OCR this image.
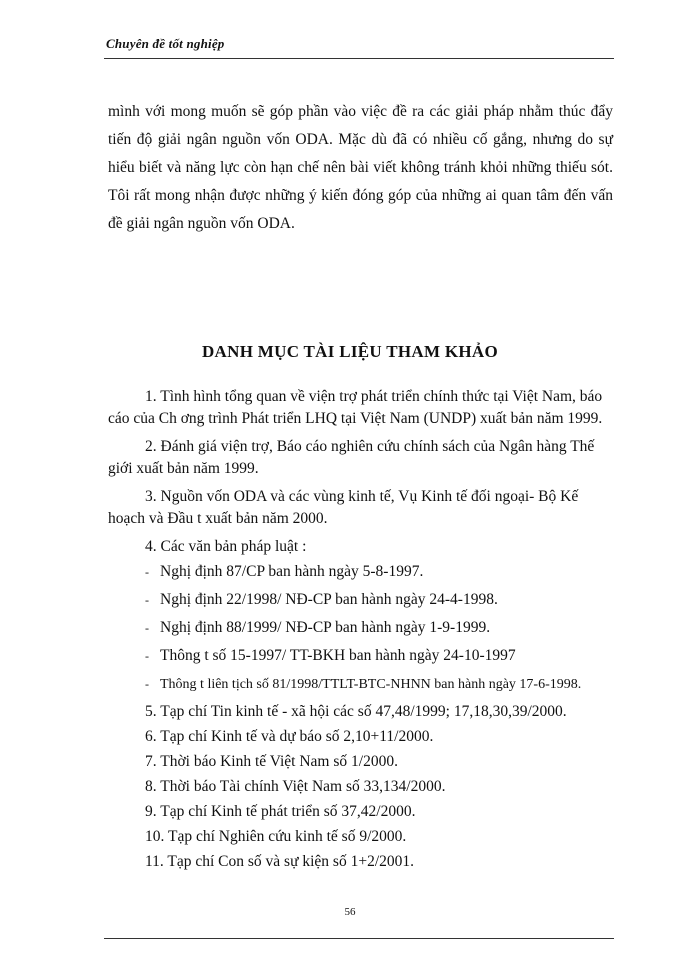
Chuyên đề tốt nghiệp

mình với mong muốn sẽ góp phần vào việc đề ra các giải pháp nhằm thúc đẩy tiến độ giải ngân nguồn vốn ODA. Mặc dù đã có nhiều cố gắng, nhưng do sự hiểu biết và năng lực còn hạn chế nên bài viết không tránh khỏi những thiếu sót. Tôi rất mong nhận được những ý kiến đóng góp của những ai quan tâm đến vấn đề giải ngân nguồn vốn ODA.

DANH MỤC TÀI LIỆU THAM KHẢO

1. Tình hình tổng quan về viện trợ phát triển chính thức tại Việt Nam, báo cáo của Ch ơng trình Phát triển LHQ tại Việt Nam (UNDP) xuất bản năm 1999.

2. Đánh giá viện trợ, Báo cáo nghiên cứu chính sách của Ngân hàng Thế giới xuất bản năm 1999.

3. Nguồn vốn ODA và các vùng kinh tế, Vụ Kinh tế đối ngoại- Bộ Kế hoạch và Đầu t xuất bản năm 2000.

4. Các văn bản pháp luật :

- Nghị định 87/CP ban hành ngày 5-8-1997.
- Nghị định 22/1998/ NĐ-CP ban hành ngày 24-4-1998.
- Nghị định 88/1999/ NĐ-CP ban hành ngày 1-9-1999.
- Thông t số 15-1997/ TT-BKH ban hành ngày 24-10-1997
- Thông t liên tịch số 81/1998/TTLT-BTC-NHNN ban hành ngày 17-6-1998.

5. Tạp chí Tin kinh tế - xã hội các số 47,48/1999; 17,18,30,39/2000.

6. Tạp chí Kinh tế và dự báo số 2,10+11/2000.

7. Thời báo Kinh tế Việt Nam số 1/2000.

8. Thời báo Tài chính Việt Nam số 33,134/2000.

9. Tạp chí Kinh tế phát triển số 37,42/2000.

10. Tạp chí Nghiên cứu kinh tế số 9/2000.

11. Tạp chí Con số và sự kiện số 1+2/2001.

56
